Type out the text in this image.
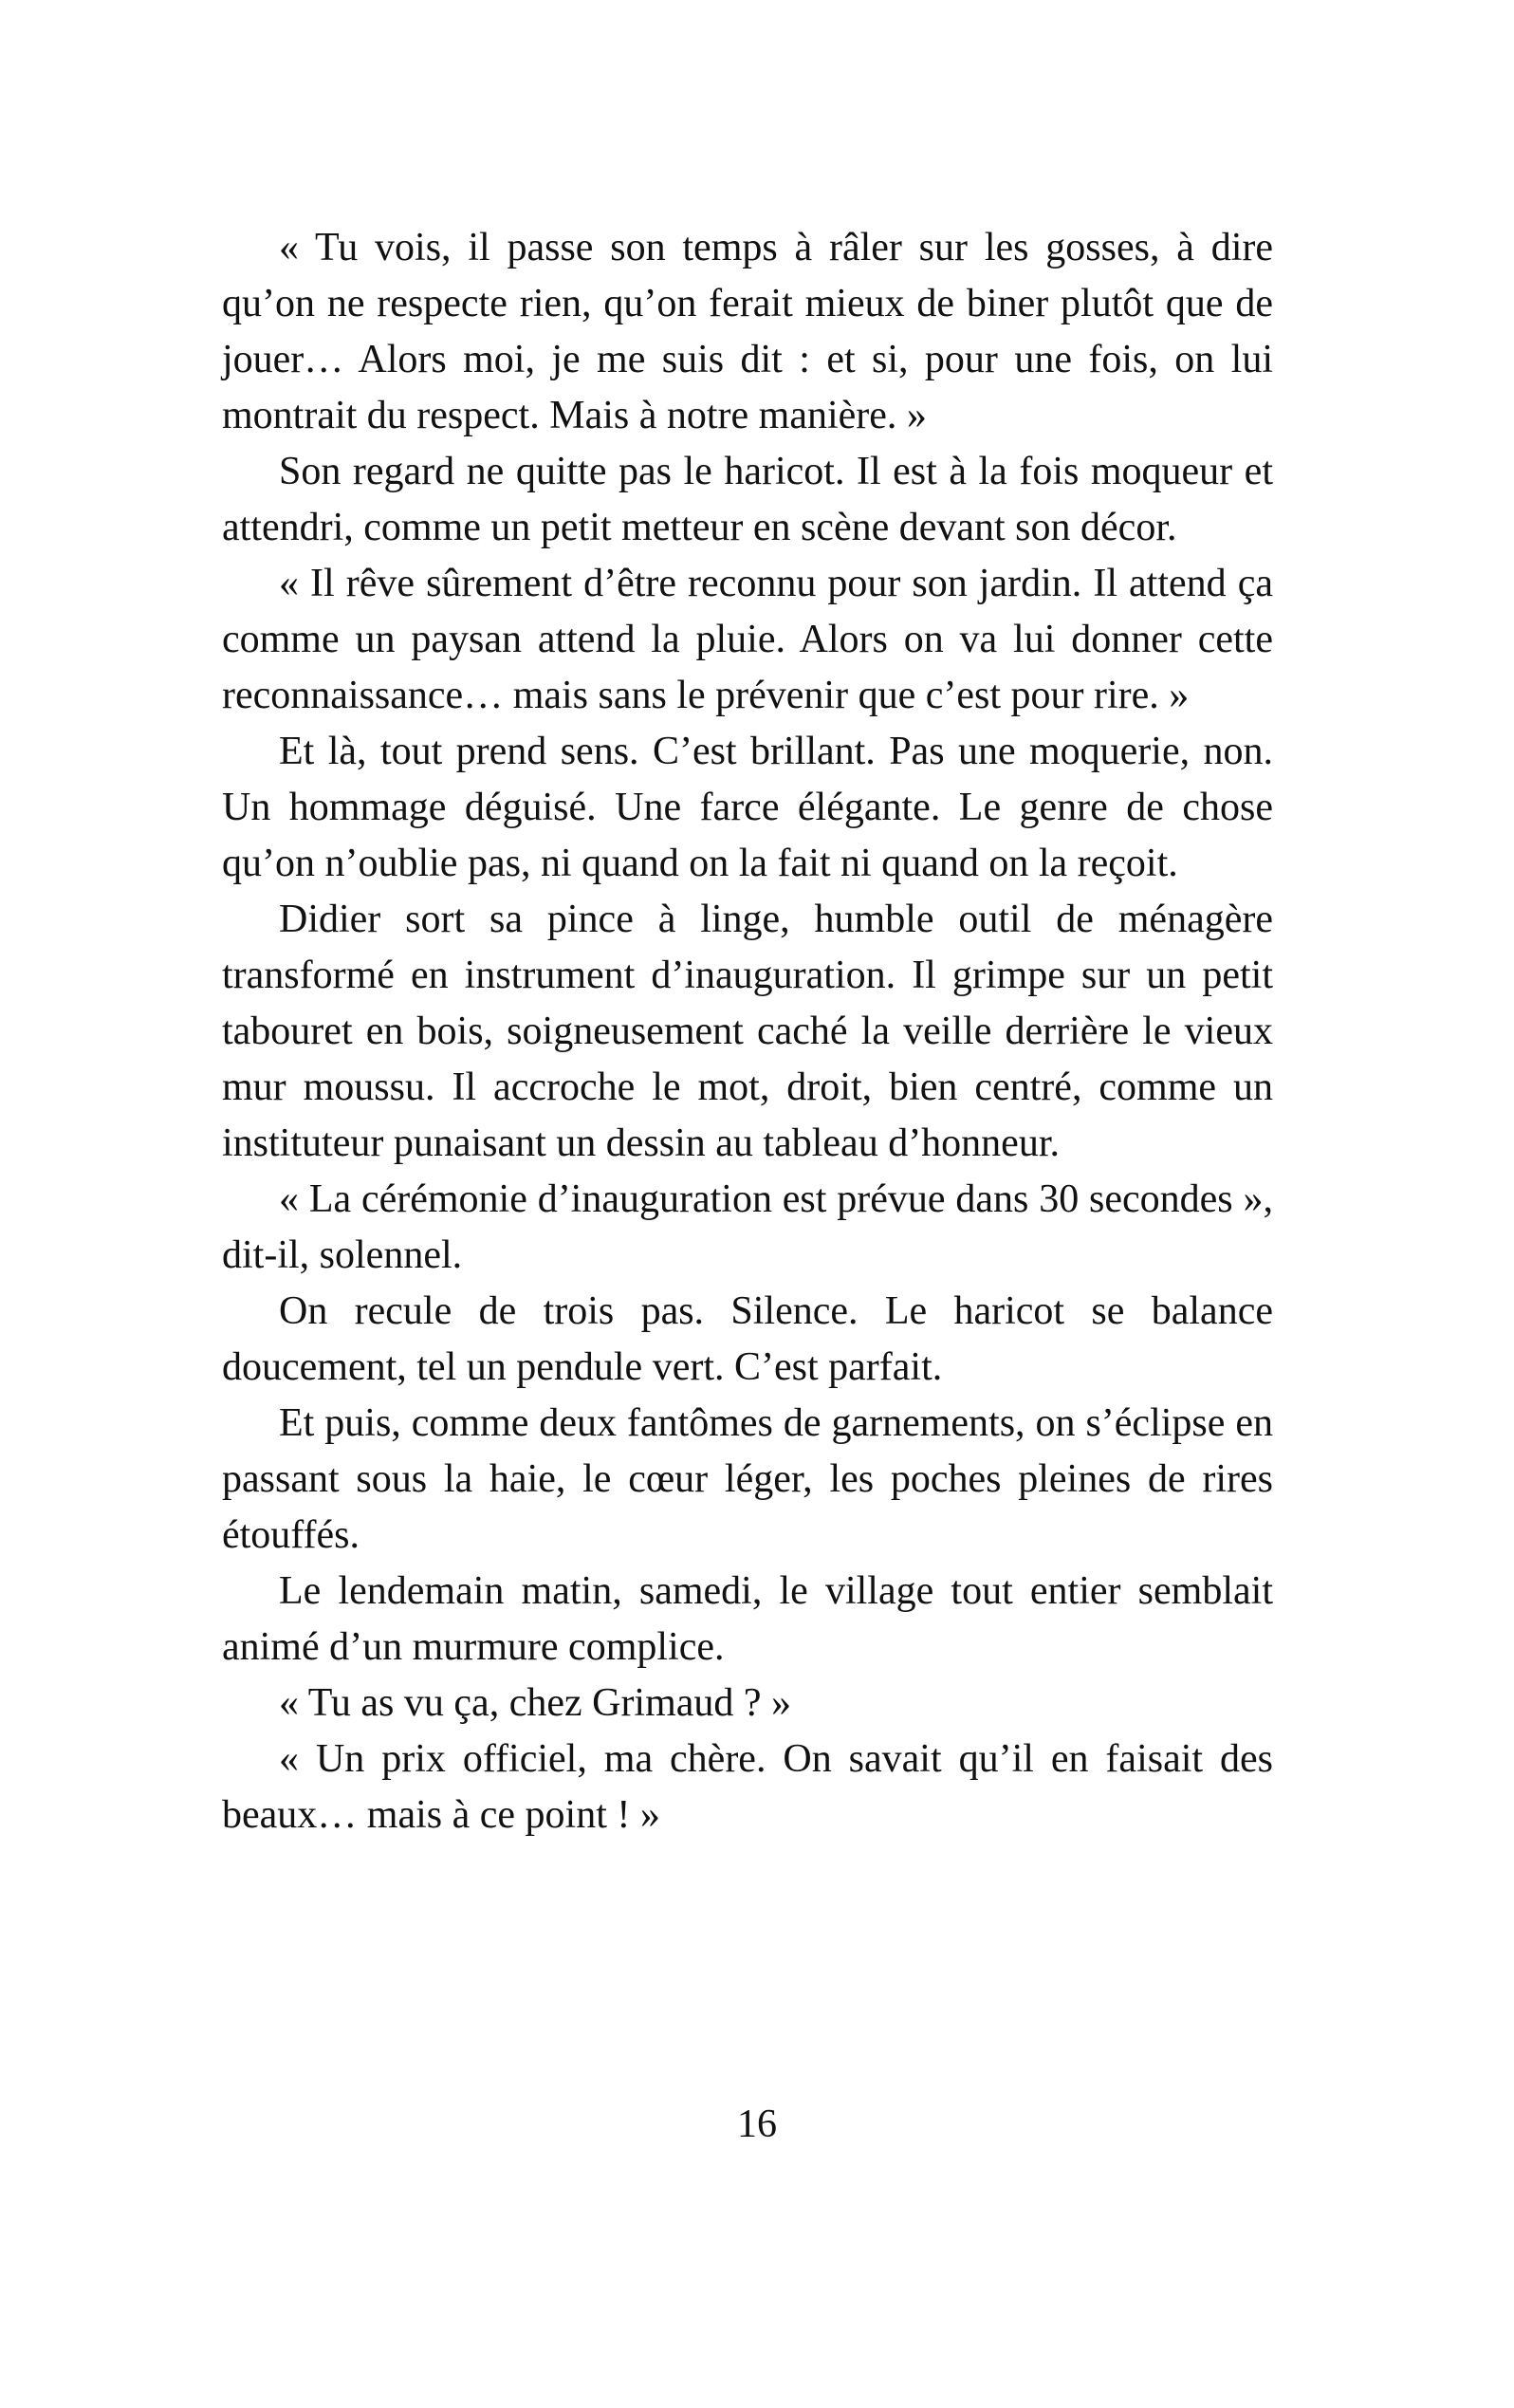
« Tu vois, il passe son temps à râler sur les gosses, à dire qu’on ne respecte rien, qu’on ferait mieux de biner plutôt que de jouer… Alors moi, je me suis dit : et si, pour une fois, on lui montrait du respect. Mais à notre manière. »

Son regard ne quitte pas le haricot. Il est à la fois moqueur et attendri, comme un petit metteur en scène devant son décor.

« Il rêve sûrement d’être reconnu pour son jardin. Il attend ça comme un paysan attend la pluie. Alors on va lui donner cette reconnaissance… mais sans le prévenir que c’est pour rire. »

Et là, tout prend sens. C’est brillant. Pas une moquerie, non. Un hommage déguisé. Une farce élégante. Le genre de chose qu’on n’oublie pas, ni quand on la fait ni quand on la reçoit.

Didier sort sa pince à linge, humble outil de ménagère transformé en instrument d’inauguration. Il grimpe sur un petit tabouret en bois, soigneusement caché la veille derrière le vieux mur moussu. Il accroche le mot, droit, bien centré, comme un instituteur punaisant un dessin au tableau d’honneur.

« La cérémonie d’inauguration est prévue dans 30 secondes », dit-il, solennel.

On recule de trois pas. Silence. Le haricot se balance doucement, tel un pendule vert. C’est parfait.

Et puis, comme deux fantômes de garnements, on s’éclipse en passant sous la haie, le cœur léger, les poches pleines de rires étouffés.

Le lendemain matin, samedi, le village tout entier semblait animé d’un murmure complice.

« Tu as vu ça, chez Grimaud ? »

« Un prix officiel, ma chère. On savait qu’il en faisait des beaux… mais à ce point ! »

16
